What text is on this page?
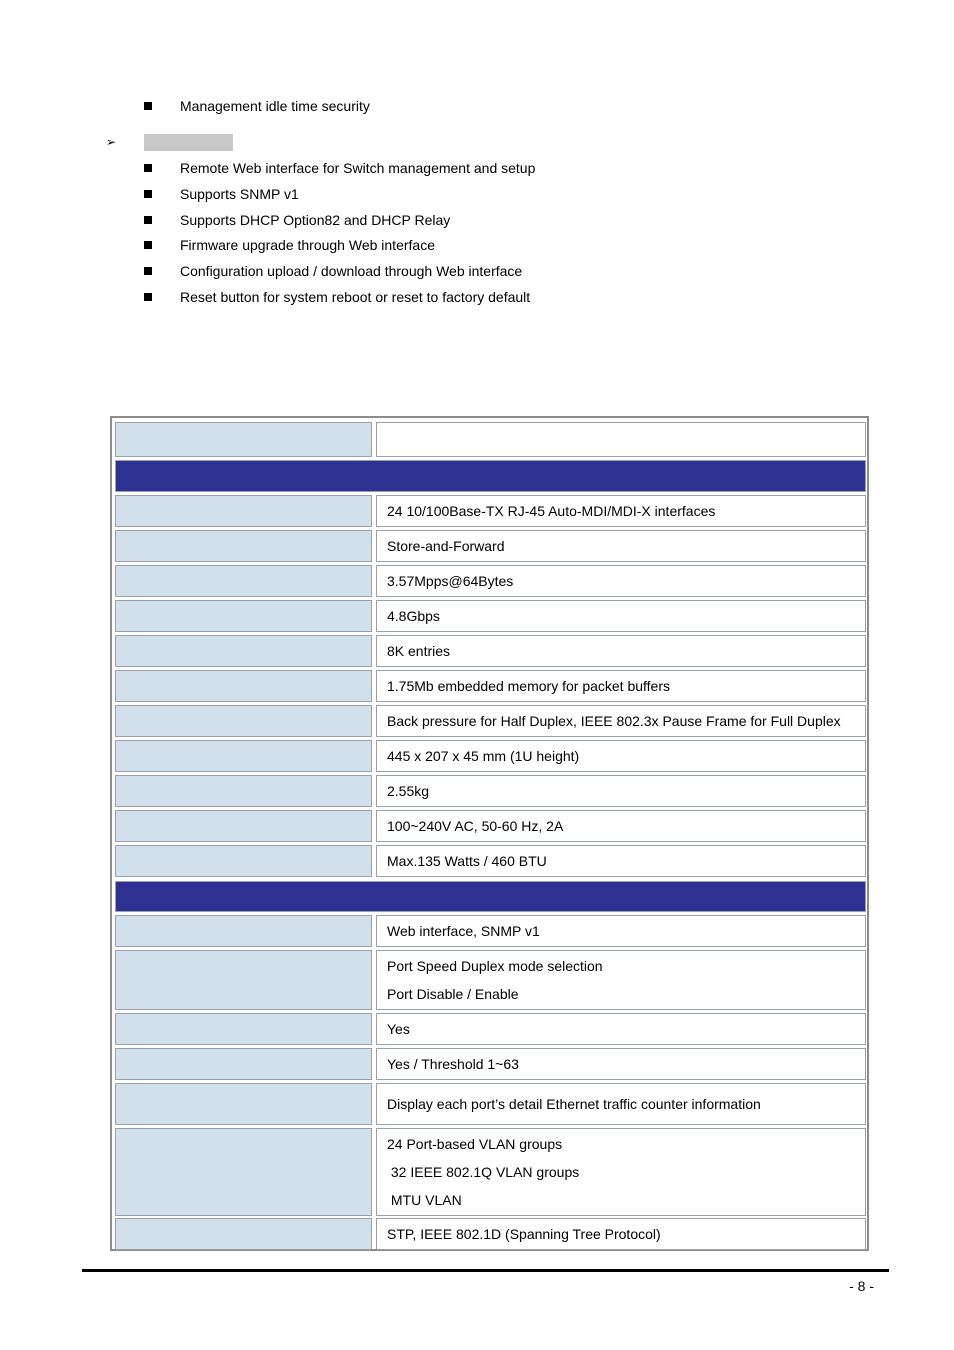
Management idle time security
➢
Remote Web interface for Switch management and setup
Supports SNMP v1
Supports DHCP Option82 and DHCP Relay
Firmware upgrade through Web interface
Configuration upload / download through Web interface
Reset button for system reboot or reset to factory default
24 10/100Base-TX RJ-45 Auto-MDI/MDI-X interfaces
Store-and-Forward
3.57Mpps@64Bytes
4.8Gbps
8K entries
1.75Mb embedded memory for packet buffers
Back pressure for Half Duplex, IEEE 802.3x Pause Frame for Full Duplex
445 x 207 x 45 mm (1U height)
2.55kg
100~240V AC, 50-60 Hz, 2A
Max.135 Watts / 460 BTU
Web interface, SNMP v1
Port Speed Duplex mode selection
Port Disable / Enable
Yes
Yes / Threshold 1~63
Display each port’s detail Ethernet traffic counter information
24 Port-based VLAN groups
32 IEEE 802.1Q VLAN groups
MTU VLAN
STP, IEEE 802.1D (Spanning Tree Protocol)
- 8 -
